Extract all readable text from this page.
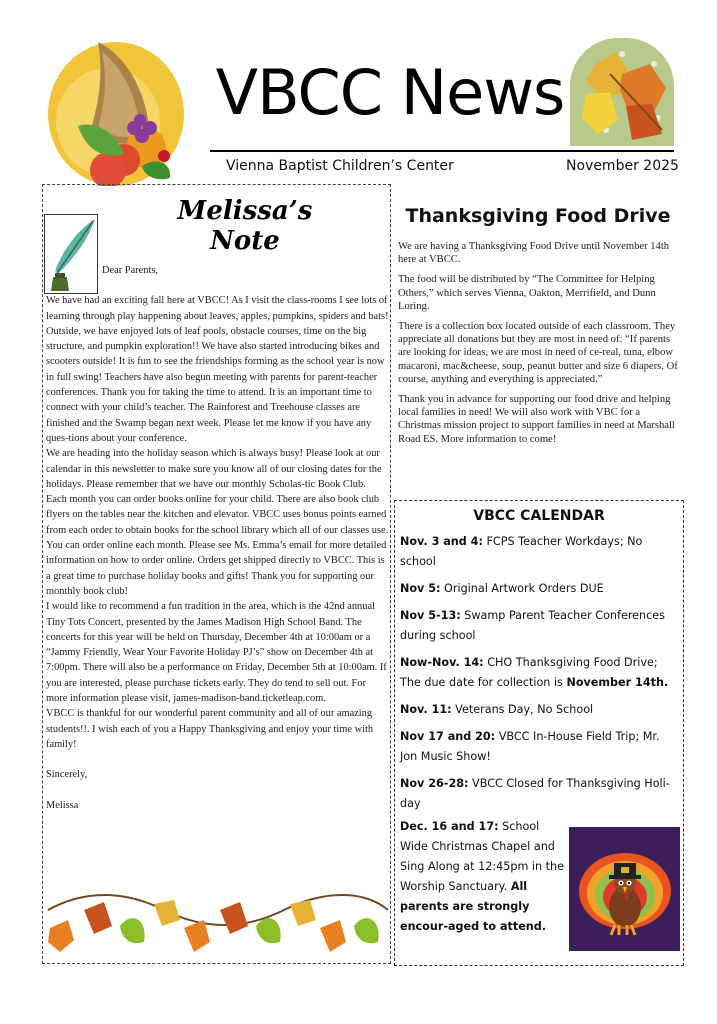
VBCC News
Vienna Baptist Children’s Center	November 2025
Melissa’s Note

Dear Parents,

We have had an exciting fall here at VBCC! As I visit the class-rooms I see lots of learning through play happening about leaves, apples, pumpkins, spiders and bats! Outside, we have enjoyed lots of leaf pools, obstacle courses, time on the big structure, and pumpkin exploration!! We have also started introducing bikes and scooters outside! It is fun to see the friendships forming as the school year is now in full swing! Teachers have also begun meeting with parents for parent-teacher conferences. Thank you for taking the time to attend. It is an important time to connect with your child’s teacher. The Rainforest and Treehouse classes are finished and the Swamp began next week. Please let me know if you have any ques-tions about your conference.

We are heading into the holiday season which is always busy! Please look at our calendar in this newsletter to make sure you know all of our closing dates for the holidays. Please remember that we have our monthly Scholas-tic Book Club. Each month you can order books online for your child. There are also book club flyers on the tables near the kitchen and elevator. VBCC uses bonus points earned from each order to obtain books for the school library which all of our classes use. You can order online each month. Please see Ms. Emma’s email for more detailed information on how to order online. Orders get shipped directly to VBCC. This is a great time to purchase holiday books and gifts! Thank you for supporting our monthly book club!

I would like to recommend a fun tradition in the area, which is the 42nd annual Tiny Tots Concert, presented by the James Madison High School Band. The concerts for this year will be held on Thursday, December 4th at 10:00am or a “Jammy Friendly, Wear Your Favorite Holiday PJ’s” show on December 4th at 7:00pm. There will also be a performance on Friday, December 5th at 10:00am. If you are interested, please purchase tickets early. They do tend to sell out. For more information please visit, james-madison-band.ticketleap.com.

VBCC is thankful for our wonderful parent community and all of our amazing students!!. I wish each of you a Happy Thanksgiving and enjoy your time with family!

Sincerely,

Melissa

Thanksgiving Food Drive

We are having a Thanksgiving Food Drive until November 14th here at VBCC.

The food will be distributed by “The Committee for Helping Others,” which serves Vienna, Oakton, Merrifield, and Dunn Loring.

There is a collection box located outside of each classroom. They appreciate all donations but they are most in need of: “If parents are looking for ideas, we are most in need of ce-real, tuna, elbow macaroni, mac&cheese, soup, peanut butter and size 6 diapers. Of course, anything and everything is appreciated.”

Thank you in advance for supporting our food drive and helping local families in need! We will also work with VBC for a Christmas mission project to support families in need at Marshall Road ES. More information to come!

VBCC CALENDAR
Nov. 3 and 4: FCPS Teacher Workdays; No school
Nov 5: Original Artwork Orders DUE
Nov 5-13: Swamp Parent Teacher Conferences during school
Now-Nov. 14: CHO Thanksgiving Food Drive; The due date for collection is November 14th.
Nov. 11: Veterans Day, No School
Nov 17 and 20: VBCC In-House Field Trip; Mr. Jon Music Show!
Nov 26-28: VBCC Closed for Thanksgiving Holi-day
Dec. 16 and 17: School Wide Christmas Chapel and Sing Along at 12:45pm in the Worship Sanctuary. All parents are strongly encour-aged to attend.
